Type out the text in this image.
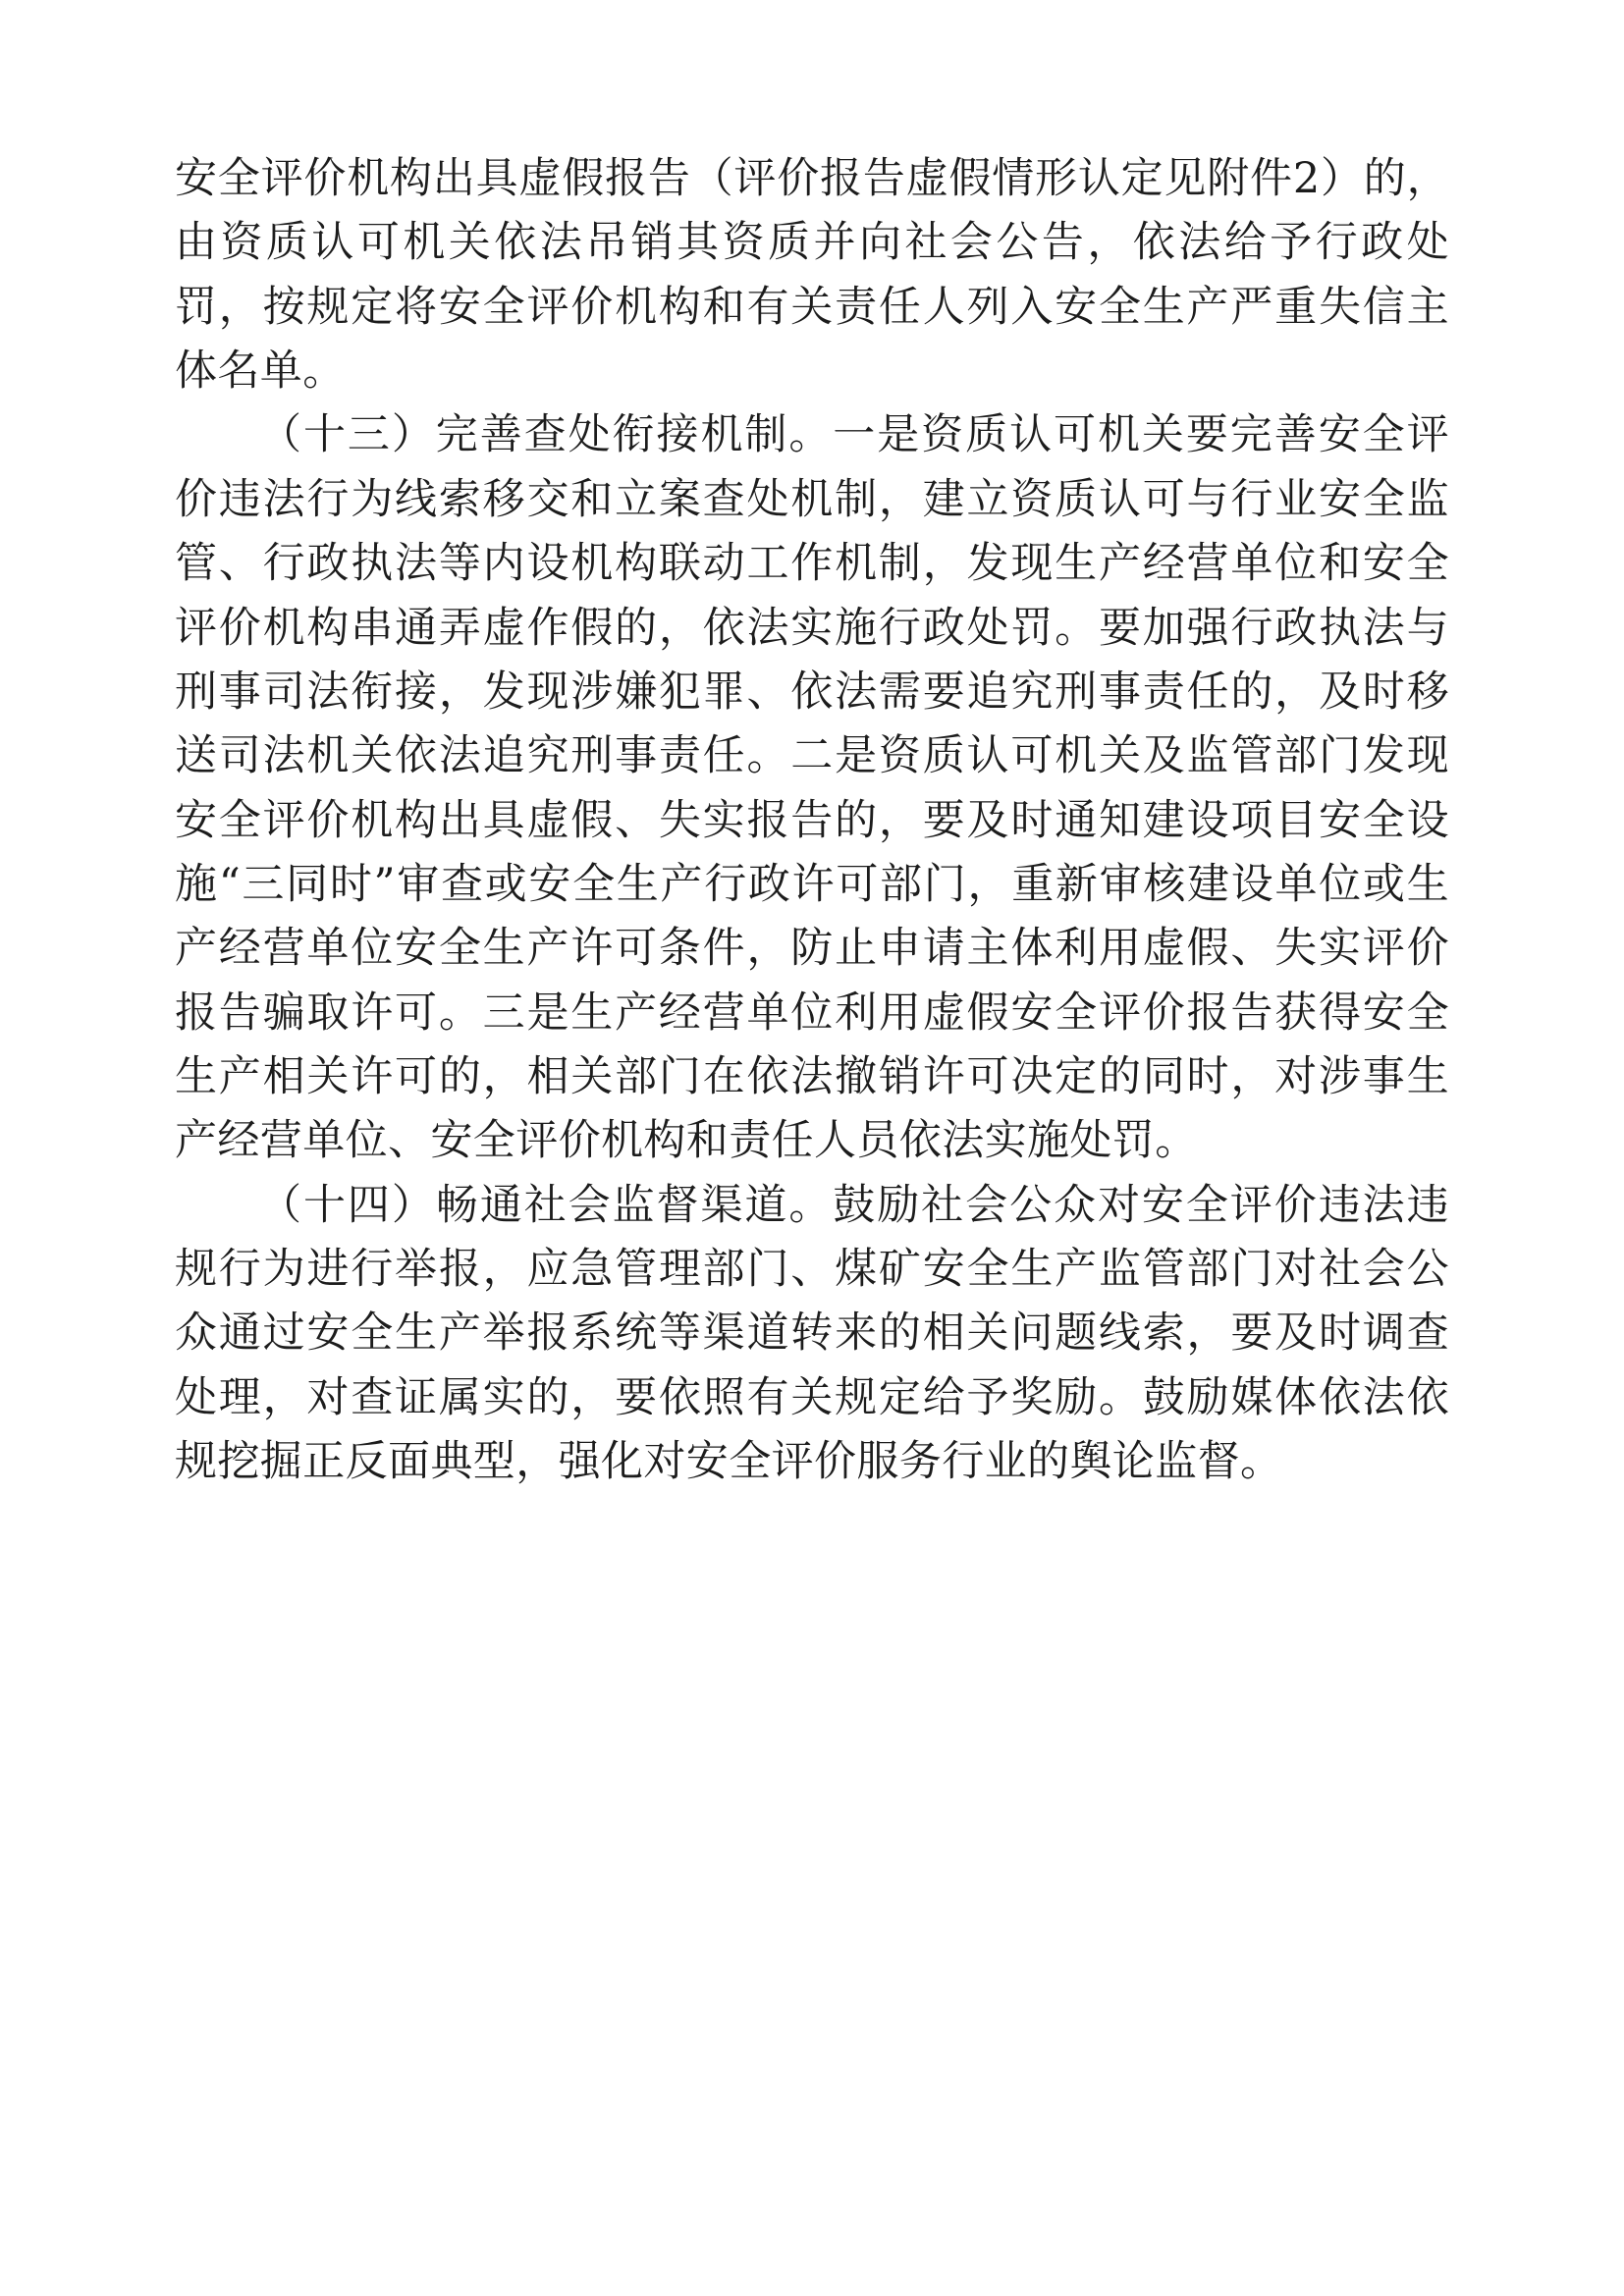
安全评价机构出具虚假报告（评价报告虚假情形认定见附件2）的，由资质认可机关依法吊销其资质并向社会公告，依法给予行政处罚，按规定将安全评价机构和有关责任人列入安全生产严重失信主体名单。

（十三）完善查处衔接机制。一是资质认可机关要完善安全评价违法行为线索移交和立案查处机制，建立资质认可与行业安全监管、行政执法等内设机构联动工作机制，发现生产经营单位和安全评价机构串通弄虚作假的，依法实施行政处罚。要加强行政执法与刑事司法衔接，发现涉嫌犯罪、依法需要追究刑事责任的，及时移送司法机关依法追究刑事责任。二是资质认可机关及监管部门发现安全评价机构出具虚假、失实报告的，要及时通知建设项目安全设施“三同时”审查或安全生产行政许可部门，重新审核建设单位或生产经营单位安全生产许可条件，防止申请主体利用虚假、失实评价报告骗取许可。三是生产经营单位利用虚假安全评价报告获得安全生产相关许可的，相关部门在依法撤销许可决定的同时，对涉事生产经营单位、安全评价机构和责任人员依法实施处罚。

（十四）畅通社会监督渠道。鼓励社会公众对安全评价违法违规行为进行举报，应急管理部门、煤矿安全生产监管部门对社会公众通过安全生产举报系统等渠道转来的相关问题线索，要及时调查处理，对查证属实的，要依照有关规定给予奖励。鼓励媒体依法依规挖掘正反面典型，强化对安全评价服务行业的舆论监督。
